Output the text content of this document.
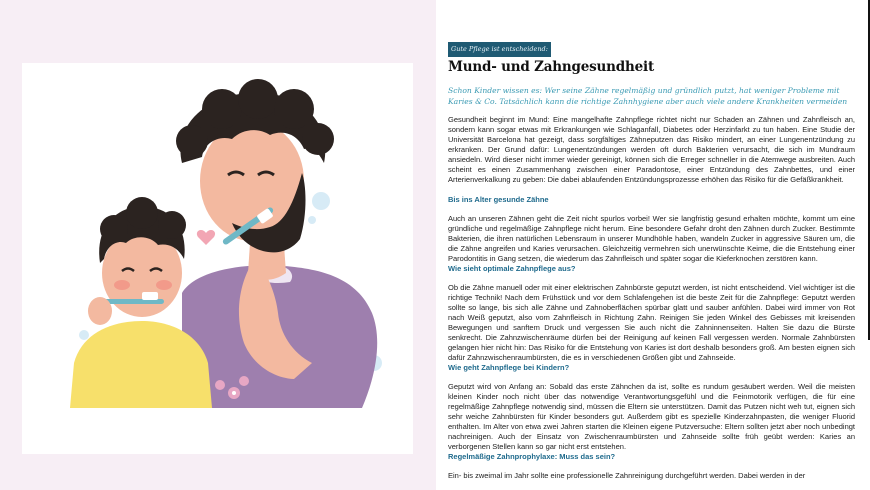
Gute Pflege ist entscheidend:
Mund- und Zahngesundheit

Schon Kinder wissen es: Wer seine Zähne regelmäßig und gründlich putzt, hat weniger Probleme mit Karies & Co. Tatsächlich kann die richtige Zahnhygiene aber auch viele andere Krankheiten vermeiden

Gesundheit beginnt im Mund: Eine mangelhafte Zahnpflege richtet nicht nur Schaden an Zähnen und Zahnfleisch an, sondern kann sogar etwas mit Erkrankungen wie Schlaganfall, Diabetes oder Herzinfarkt zu tun haben. Eine Studie der Universität Barcelona hat gezeigt, dass sorgfältiges Zähneputzen das Risiko mindert, an einer Lungenentzündung zu erkranken. Der Grund dafür: Lungenentzündungen werden oft durch Bakterien verursacht, die sich im Mundraum ansiedeln. Wird dieser nicht immer wieder gereinigt, können sich die Erreger schneller in die Atemwege ausbreiten. Auch scheint es einen Zusammenhang zwischen einer Paradontose, einer Entzündung des Zahnbettes, und einer Arterienverkalkung zu geben: Die dabei ablaufenden Entzündungsprozesse erhöhen das Risiko für die Gefäßkrankheit.

Bis ins Alter gesunde Zähne

Auch an unseren Zähnen geht die Zeit nicht spurlos vorbei! Wer sie langfristig gesund erhalten möchte, kommt um eine gründliche und regelmäßige Zahnpflege nicht herum. Eine besondere Gefahr droht den Zähnen durch Zucker. Bestimmte Bakterien, die ihren natürlichen Lebensraum in unserer Mundhöhle haben, wandeln Zucker in aggressive Säuren um, die die Zähne angreifen und Karies verursachen. Gleichzeitig vermehren sich unerwünschte Keime, die die Entstehung einer Parodontitis in Gang setzen, die wiederum das Zahnfleisch und später sogar die Kieferknochen zerstören kann.

Wie sieht optimale Zahnpflege aus?

Ob die Zähne manuell oder mit einer elektrischen Zahnbürste geputzt werden, ist nicht entscheidend. Viel wichtiger ist die richtige Technik! Nach dem Frühstück und vor dem Schlafengehen ist die beste Zeit für die Zahnpflege: Geputzt werden sollte so lange, bis sich alle Zähne und Zahnoberflächen spürbar glatt und sauber anfühlen. Dabei wird immer von Rot nach Weiß geputzt, also vom Zahnfleisch in Richtung Zahn. Reinigen Sie jeden Winkel des Gebisses mit kreisenden Bewegungen und sanftem Druck und vergessen Sie auch nicht die Zahninnenseiten. Halten Sie dazu die Bürste senkrecht. Die Zahnzwischenräume dürfen bei der Reinigung auf keinen Fall vergessen werden. Normale Zahnbürsten gelangen hier nicht hin: Das Risiko für die Entstehung von Karies ist dort deshalb besonders groß. Am besten eignen sich dafür Zahnzwischenraumbürsten, die es in verschiedenen Größen gibt und Zahnseide.

Wie geht Zahnpflege bei Kindern?

Geputzt wird von Anfang an: Sobald das erste Zähnchen da ist, sollte es rundum gesäubert werden. Weil die meisten kleinen Kinder noch nicht über das notwendige Verantwortungsgefühl und die Feinmotorik verfügen, die für eine regelmäßige Zahnpflege notwendig sind, müssen die Eltern sie unterstützen. Damit das Putzen nicht weh tut, eignen sich sehr weiche Zahnbürsten für Kinder besonders gut. Außerdem gibt es spezielle Kinderzahnpasten, die weniger Fluorid enthalten. Im Alter von etwa zwei Jahren starten die Kleinen eigene Putzversuche: Eltern sollten jetzt aber noch unbedingt nachreinigen. Auch der Einsatz von Zwischenraumbürsten und Zahnseide sollte früh geübt werden: Karies an verborgenen Stellen kann so gar nicht erst entstehen.

Regelmäßige Zahnprophylaxe: Muss das sein?

Ein- bis zweimal im Jahr sollte eine professionelle Zahnreinigung durchgeführt werden. Dabei werden in der
